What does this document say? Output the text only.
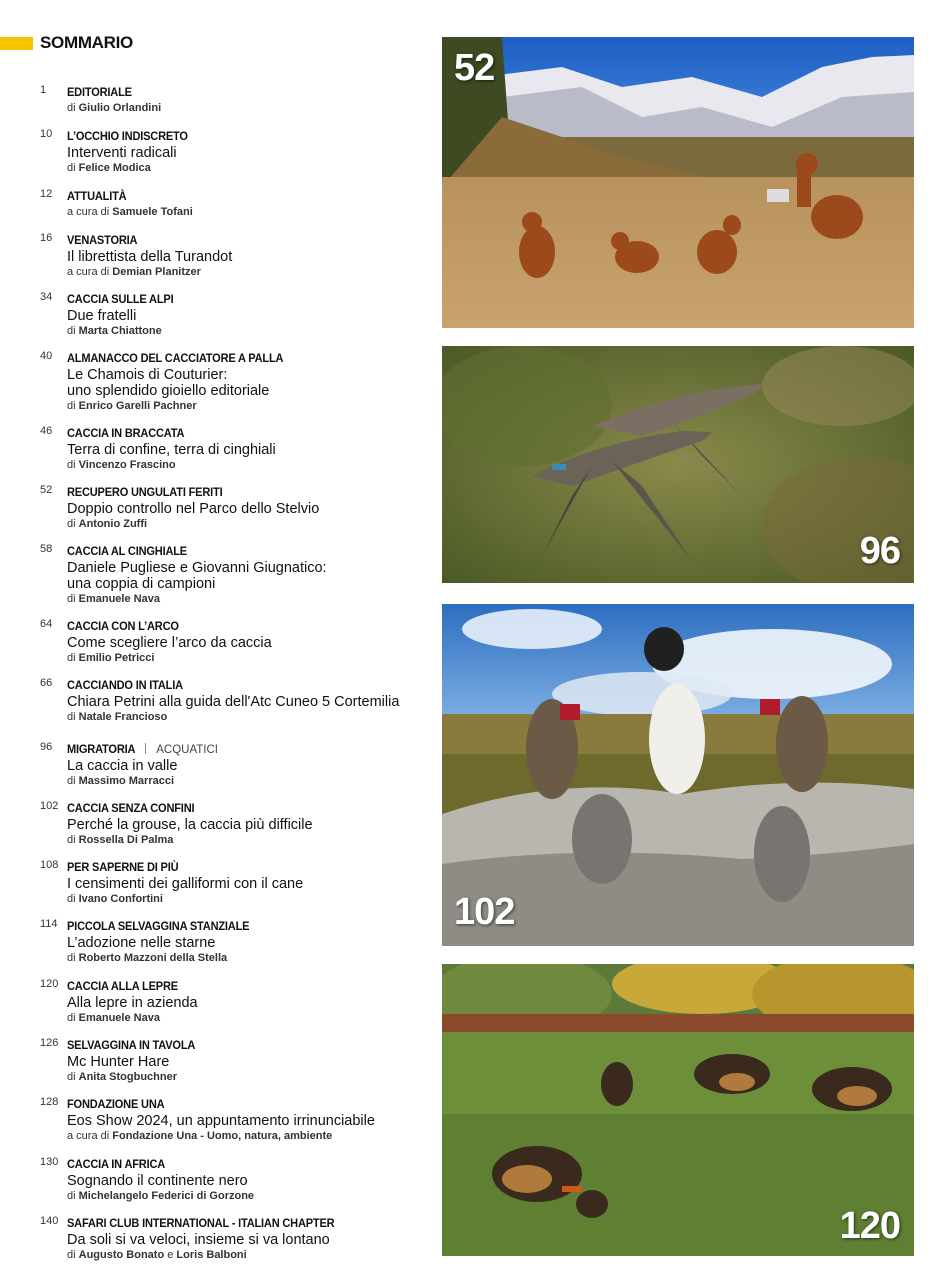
SOMMARIO
1	EDITORIALE
di Giulio Orlandini
10	L’OCCHIO INDISCRETO
Interventi radicali
di Felice Modica
12	ATTUALITÀ
a cura di Samuele Tofani
16	VENASTORIA
Il librettista della Turandot
a cura di Demian Planitzer
34	CACCIA SULLE ALPI
Due fratelli
di Marta Chiattone
40	ALMANACCO DEL CACCIATORE A PALLA
Le Chamois di Couturier:
uno splendido gioiello editoriale
di Enrico Garelli Pachner
46	CACCIA IN BRACCATA
Terra di confine, terra di cinghiali
di Vincenzo Frascino
52	RECUPERO UNGULATI FERITI
Doppio controllo nel Parco dello Stelvio
di Antonio Zuffi
58	CACCIA AL CINGHIALE
Daniele Pugliese e Giovanni Giugnatico:
una coppia di campioni
di Emanuele Nava
64	CACCIA CON L’ARCO
Come scegliere l’arco da caccia
di Emilio Petricci
66	CACCIANDO IN ITALIA
Chiara Petrini alla guida dell'Atc Cuneo 5 Cortemilia
di Natale Francioso
96	MIGRATORIA ACQUATICI
La caccia in valle
di Massimo Marracci
102 CACCIA SENZA CONFINI
Perché la grouse, la caccia più difficile
di Rossella Di Palma
108 PER SAPERNE DI PIÙ
I censimenti dei galliformi con il cane
di Ivano Confortini
114 PICCOLA SELVAGGINA STANZIALE
L’adozione nelle starne
di Roberto Mazzoni della Stella
120 CACCIA ALLA LEPRE
Alla lepre in azienda
di Emanuele Nava
126 SELVAGGINA IN TAVOLA
Mc Hunter Hare
di Anita Stogbuchner
128 FONDAZIONE UNA
Eos Show 2024, un appuntamento irrinunciabile
a cura di Fondazione Una - Uomo, natura, ambiente
130 CACCIA IN AFRICA
Sognando il continente nero
di Michelangelo Federici di Gorzone
140 SAFARI CLUB INTERNATIONAL - ITALIAN CHAPTER
Da soli si va veloci, insieme si va lontano
di Augusto Bonato e Loris Balboni
52
96
102
120
